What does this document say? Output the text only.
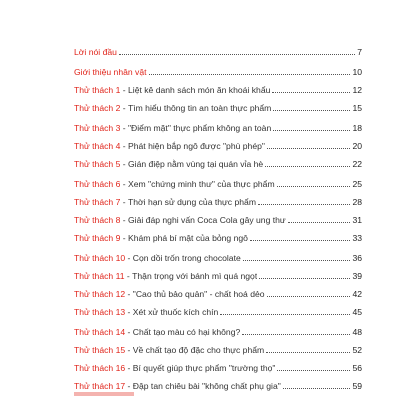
Lời nói đầu	7
Giới thiệu nhân vật	10
Thử thách 1 - Liệt kê danh sách món ăn khoái khẩu	12
Thử thách 2 - Tìm hiểu thông tin an toàn thực phẩm	15
Thử thách 3 - "Điểm mặt" thực phẩm không an toàn	18
Thử thách 4 - Phát hiện bắp ngô được "phù phép"	20
Thử thách 5 - Gián điệp nằm vùng tại quán vỉa hè	22
Thử thách 6 - Xem "chứng minh thư" của thực phẩm	25
Thử thách 7 - Thời hạn sử dụng của thực phẩm	28
Thử thách 8 - Giải đáp nghi vấn Coca Cola gây ung thư	31
Thử thách 9 - Khám phá bí mật của bỏng ngô	33
Thử thách 10 - Cọn dồi trốn trong chocolate	36
Thử thách 11 - Thận trọng với bánh mì quá ngọt	39
Thử thách 12 - "Cao thủ bảo quản" - chất hoá dẻo	42
Thử thách 13 - Xét xử thuốc kích chín	45
Thử thách 14 - Chất tạo màu có hại không?	48
Thử thách 15 - Về chất tạo độ đặc cho thực phẩm	52
Thử thách 16 - Bí quyết giúp thực phẩm "trường thọ"	56
Thử thách 17 - Đập tan chiêu bài "không chất phụ gia"	59
